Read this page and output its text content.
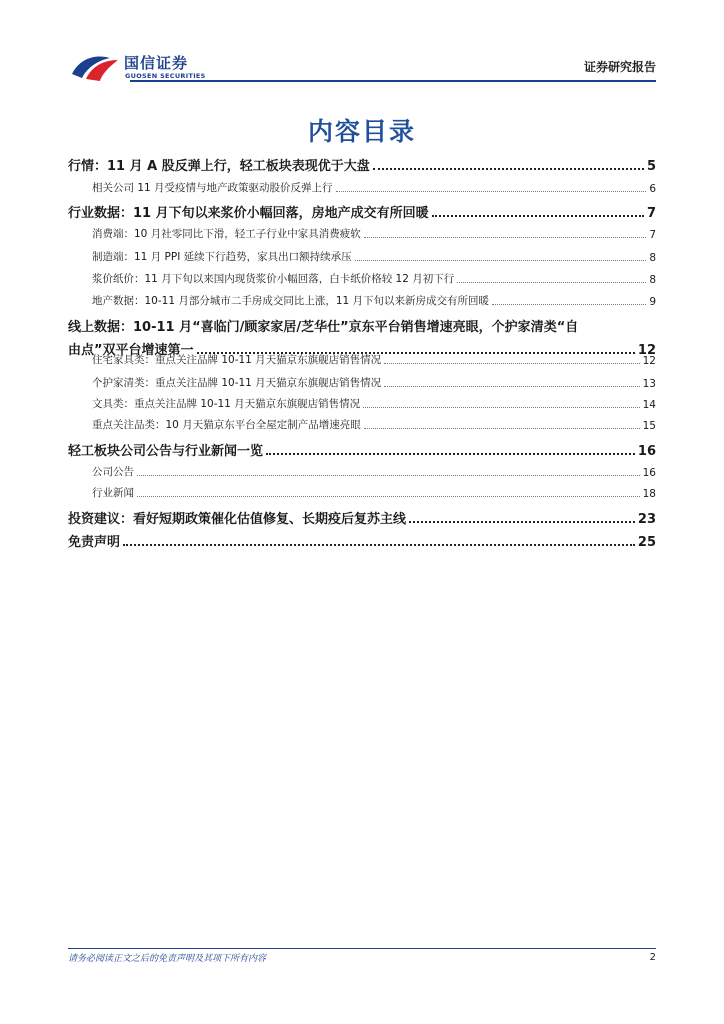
国信证券
GUOSEN SECURITIES
证券研究报告
内容目录
行情：11 月 A 股反弹上行，轻工板块表现优于大盘	5
相关公司 11 月受疫情与地产政策驱动股价反弹上行	6
行业数据：11 月下旬以来浆价小幅回落，房地产成交有所回暖	7
消费端：10 月社零同比下滑，轻工子行业中家具消费疲软	7
制造端：11 月 PPI 延续下行趋势，家具出口额持续承压	8
浆价纸价：11 月下旬以来国内现货浆价小幅回落，白卡纸价格较 12 月初下行	8
地产数据：10-11 月部分城市二手房成交同比上涨，11 月下旬以来新房成交有所回暖	9
线上数据：10-11 月“喜临门/顾家家居/芝华仕”京东平台销售增速亮眼，个护家清类“自
由点”双平台增速第一	12
住宅家具类：重点关注品牌 10-11 月天猫京东旗舰店销售情况	12
个护家清类：重点关注品牌 10-11 月天猫京东旗舰店销售情况	13
文具类：重点关注品牌 10-11 月天猫京东旗舰店销售情况	14
重点关注品类：10 月天猫京东平台全屋定制产品增速亮眼	15
轻工板块公司公告与行业新闻一览	16
公司公告	16
行业新闻	18
投资建议：看好短期政策催化估值修复、长期疫后复苏主线	23
免责声明	25
请务必阅读正文之后的免责声明及其项下所有内容	2
